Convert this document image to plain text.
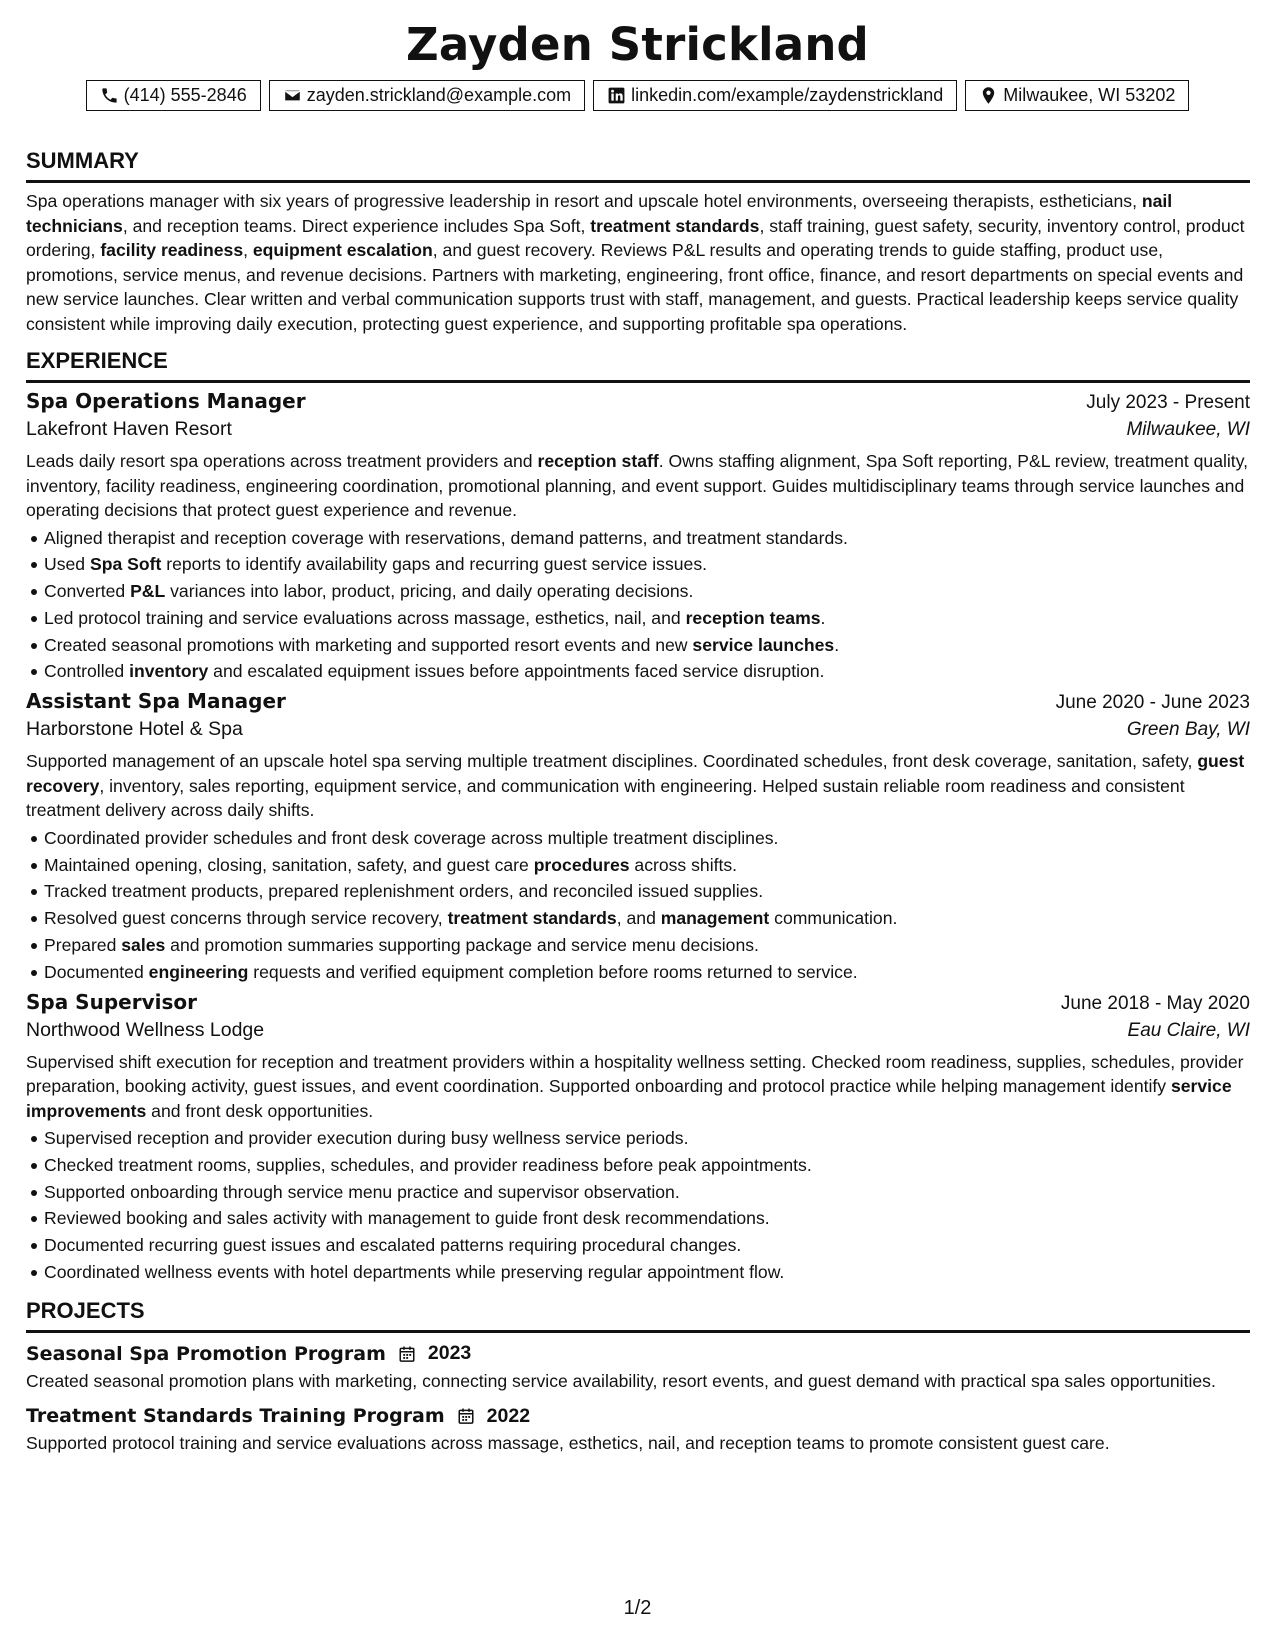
Zayden Strickland
(414) 555-2846	zayden.strickland@example.com	linkedin.com/example/zaydenstrickland	Milwaukee, WI 53202
SUMMARY
Spa operations manager with six years of progressive leadership in resort and upscale hotel environments, overseeing therapists, estheticians, nail technicians, and reception teams. Direct experience includes Spa Soft, treatment standards, staff training, guest safety, security, inventory control, product ordering, facility readiness, equipment escalation, and guest recovery. Reviews P&L results and operating trends to guide staffing, product use, promotions, service menus, and revenue decisions. Partners with marketing, engineering, front office, finance, and resort departments on special events and new service launches. Clear written and verbal communication supports trust with staff, management, and guests. Practical leadership keeps service quality consistent while improving daily execution, protecting guest experience, and supporting profitable spa operations.
EXPERIENCE
Spa Operations Manager	July 2023 - Present
Lakefront Haven Resort	Milwaukee, WI
Leads daily resort spa operations across treatment providers and reception staff. Owns staffing alignment, Spa Soft reporting, P&L review, treatment quality, inventory, facility readiness, engineering coordination, promotional planning, and event support. Guides multidisciplinary teams through service launches and operating decisions that protect guest experience and revenue.
Aligned therapist and reception coverage with reservations, demand patterns, and treatment standards.
Used Spa Soft reports to identify availability gaps and recurring guest service issues.
Converted P&L variances into labor, product, pricing, and daily operating decisions.
Led protocol training and service evaluations across massage, esthetics, nail, and reception teams.
Created seasonal promotions with marketing and supported resort events and new service launches.
Controlled inventory and escalated equipment issues before appointments faced service disruption.
Assistant Spa Manager	June 2020 - June 2023
Harborstone Hotel & Spa	Green Bay, WI
Supported management of an upscale hotel spa serving multiple treatment disciplines. Coordinated schedules, front desk coverage, sanitation, safety, guest recovery, inventory, sales reporting, equipment service, and communication with engineering. Helped sustain reliable room readiness and consistent treatment delivery across daily shifts.
Coordinated provider schedules and front desk coverage across multiple treatment disciplines.
Maintained opening, closing, sanitation, safety, and guest care procedures across shifts.
Tracked treatment products, prepared replenishment orders, and reconciled issued supplies.
Resolved guest concerns through service recovery, treatment standards, and management communication.
Prepared sales and promotion summaries supporting package and service menu decisions.
Documented engineering requests and verified equipment completion before rooms returned to service.
Spa Supervisor	June 2018 - May 2020
Northwood Wellness Lodge	Eau Claire, WI
Supervised shift execution for reception and treatment providers within a hospitality wellness setting. Checked room readiness, supplies, schedules, provider preparation, booking activity, guest issues, and event coordination. Supported onboarding and protocol practice while helping management identify service improvements and front desk opportunities.
Supervised reception and provider execution during busy wellness service periods.
Checked treatment rooms, supplies, schedules, and provider readiness before peak appointments.
Supported onboarding through service menu practice and supervisor observation.
Reviewed booking and sales activity with management to guide front desk recommendations.
Documented recurring guest issues and escalated patterns requiring procedural changes.
Coordinated wellness events with hotel departments while preserving regular appointment flow.
PROJECTS
Seasonal Spa Promotion Program 2023
Created seasonal promotion plans with marketing, connecting service availability, resort events, and guest demand with practical spa sales opportunities.
Treatment Standards Training Program 2022
Supported protocol training and service evaluations across massage, esthetics, nail, and reception teams to promote consistent guest care.
1/2
